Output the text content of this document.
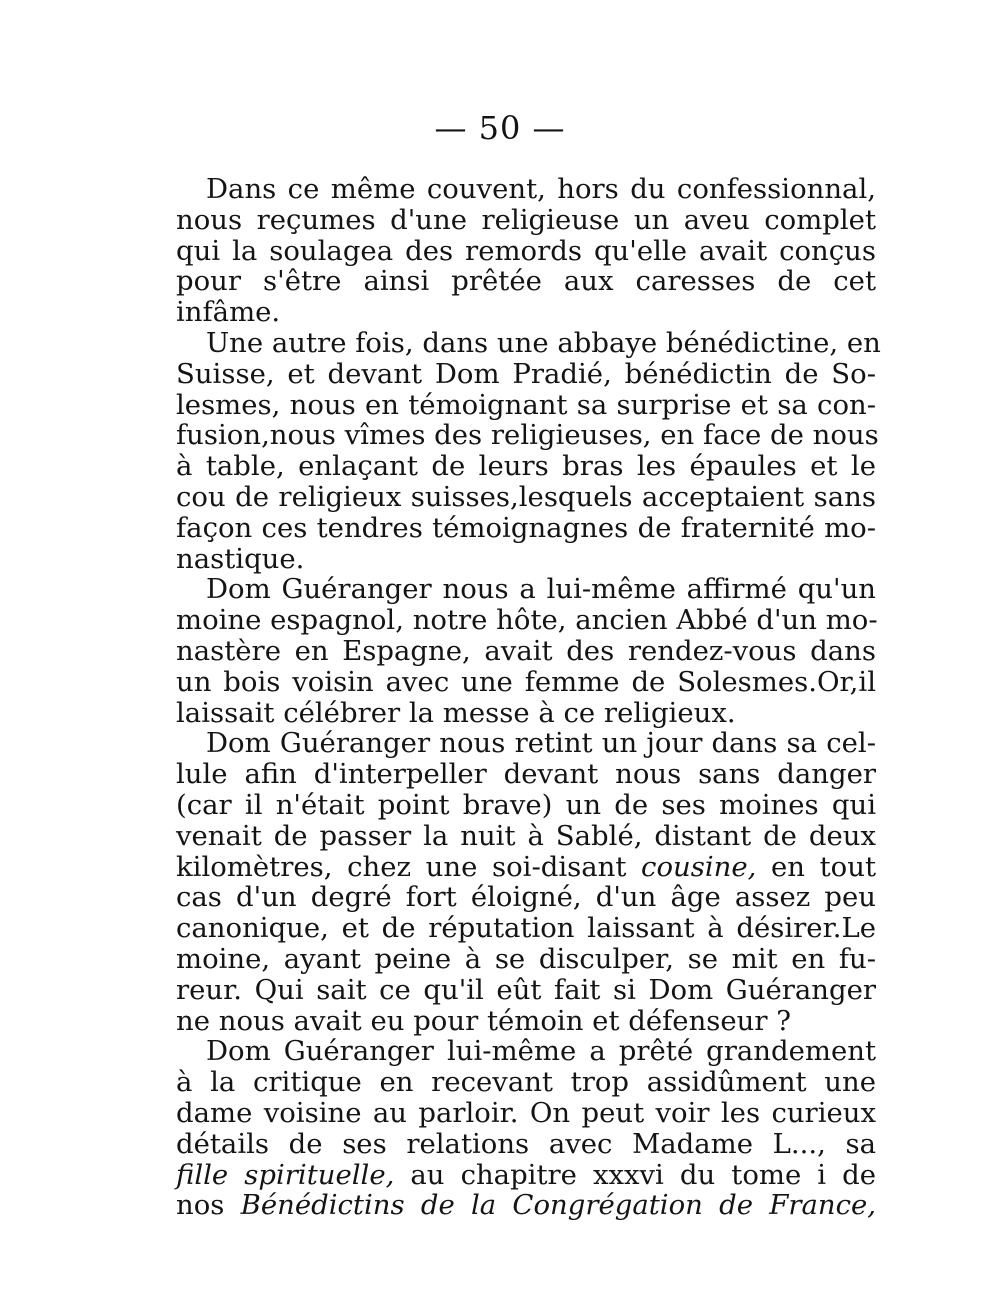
— 50 —
Dans ce même couvent, hors du confessionnal,
nous reçumes d'une religieuse un aveu complet
qui la soulagea des remords qu'elle avait conçus
pour s'être ainsi prêtée aux caresses de cet
infâme.
Une autre fois, dans une abbaye bénédictine, en
Suisse, et devant Dom Pradié, bénédictin de So-
lesmes, nous en témoignant sa surprise et sa con-
fusion,nous vîmes des religieuses, en face de nous
à table, enlaçant de leurs bras les épaules et le
cou de religieux suisses,lesquels acceptaient sans
façon ces tendres témoignagnes de fraternité mo-
nastique.
Dom Guéranger nous a lui-même affirmé qu'un
moine espagnol, notre hôte, ancien Abbé d'un mo-
nastère en Espagne, avait des rendez-vous dans
un bois voisin avec une femme de Solesmes.Or,il
laissait célébrer la messe à ce religieux.
Dom Guéranger nous retint un jour dans sa cel-
lule afin d'interpeller devant nous sans danger
(car il n'était point brave) un de ses moines qui
venait de passer la nuit à Sablé, distant de deux
kilomètres, chez une soi-disant cousine, en tout
cas d'un degré fort éloigné, d'un âge assez peu
canonique, et de réputation laissant à désirer.Le
moine, ayant peine à se disculper, se mit en fu-
reur. Qui sait ce qu'il eût fait si Dom Guéranger
ne nous avait eu pour témoin et défenseur ?
Dom Guéranger lui-même a prêté grandement
à la critique en recevant trop assidûment une
dame voisine au parloir. On peut voir les curieux
détails de ses relations avec Madame L..., sa
fille spirituelle, au chapitre xxxvi du tome i de
nos Bénédictins de la Congrégation de France,
